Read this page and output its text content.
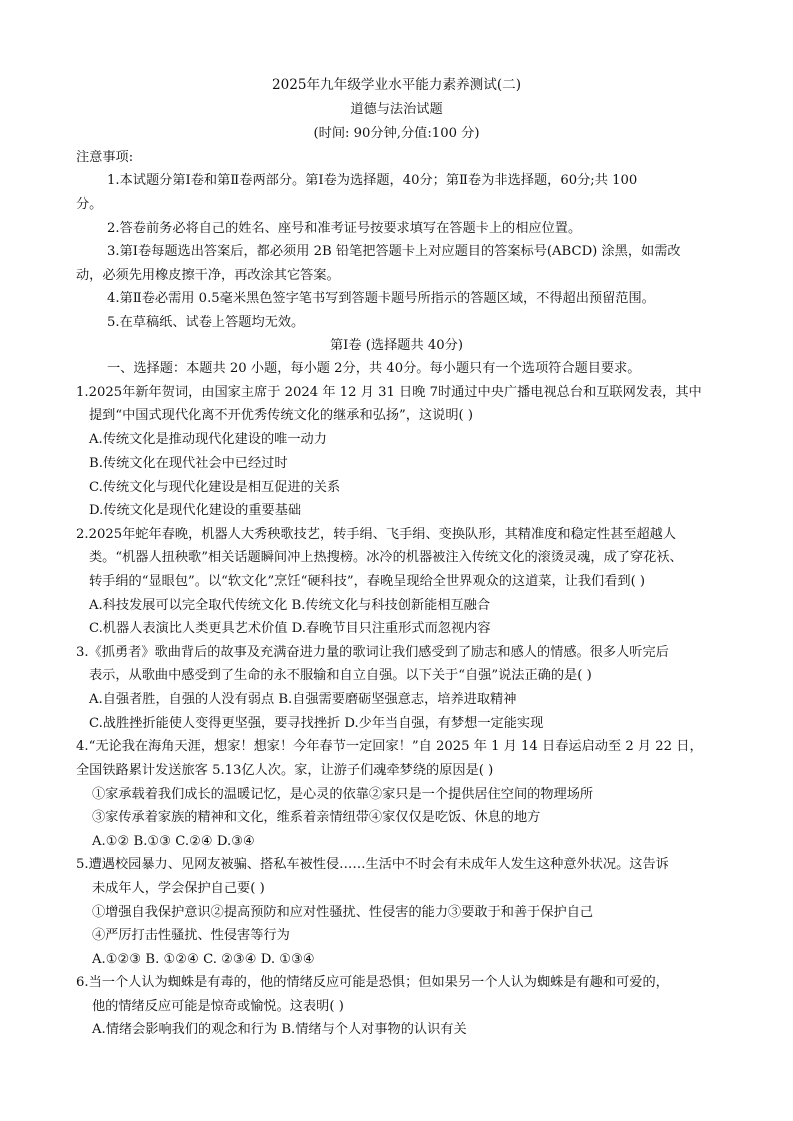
2025年九年级学业水平能力素养测试(二)
道德与法治试题
(时间: 90分钟,分值:100 分)
注意事项:
1.本试题分第Ⅰ卷和第Ⅱ卷两部分。第Ⅰ卷为选择题，40分；第Ⅱ卷为非选择题，60分;共 100
分。
2.答卷前务必将自己的姓名、座号和准考证号按要求填写在答题卡上的相应位置。
3.第Ⅰ卷每题选出答案后，都必须用 2B 铅笔把答题卡上对应题目的答案标号(ABCD) 涂黑，如需改
动，必须先用橡皮擦干净，再改涂其它答案。
4.第Ⅱ卷必需用 0.5毫米黑色签字笔书写到答题卡题号所指示的答题区域，不得超出预留范围。
5.在草稿纸、试卷上答题均无效。
第Ⅰ卷 (选择题共 40分)
一、选择题：本题共 20 小题，每小题 2分，共 40分。每小题只有一个选项符合题目要求。
1.2025年新年贺词，由国家主席于 2024 年 12 月 31 日晚 7时通过中央广播电视总台和互联网发表，其中
提到“中国式现代化离不开优秀传统文化的继承和弘扬”，这说明( )
A.传统文化是推动现代化建设的唯一动力
B.传统文化在现代社会中已经过时
C.传统文化与现代化建设是相互促进的关系
D.传统文化是现代化建设的重要基础
2.2025年蛇年春晚，机器人大秀秧歌技艺，转手绢、飞手绢、变换队形，其精准度和稳定性甚至超越人
类。“机器人扭秧歌”相关话题瞬间冲上热搜榜。冰冷的机器被注入传统文化的滚烫灵魂，成了穿花袄、
转手绢的“显眼包”。以“软文化”烹饪“硬科技”，春晚呈现给全世界观众的这道菜，让我们看到( )
A.科技发展可以完全取代传统文化 B.传统文化与科技创新能相互融合
C.机器人表演比人类更具艺术价值 D.春晚节目只注重形式而忽视内容
3.《抓勇者》歌曲背后的故事及充满奋进力量的歌词让我们感受到了励志和感人的情感。很多人听完后
表示，从歌曲中感受到了生命的永不服输和自立自强。以下关于“自强”说法正确的是( )
A.自强者胜，自强的人没有弱点 B.自强需要磨砺坚强意志，培养进取精神
C.战胜挫折能使人变得更坚强，要寻找挫折 D.少年当自强，有梦想一定能实现
4.“无论我在海角天涯，想家！想家！今年春节一定回家！”自 2025 年 1 月 14 日春运启动至 2 月 22 日，
全国铁路累计发送旅客 5.13亿人次。家，让游子们魂牵梦绕的原因是( )
①家承载着我们成长的温暖记忆，是心灵的依靠②家只是一个提供居住空间的物理场所
③家传承着家族的精神和文化，维系着亲情纽带④家仅仅是吃饭、休息的地方
A.①② B.①③ C.②④ D.③④
5.遭遇校园暴力、见网友被骗、搭私车被性侵……生活中不时会有未成年人发生这种意外状况。这告诉
未成年人，学会保护自己要( )
①增强自我保护意识②提高预防和应对性骚扰、性侵害的能力③要敢于和善于保护自己
④严厉打击性骚扰、性侵害等行为
A.①②③ B. ①②④ C. ②③④ D. ①③④
6.当一个人认为蜘蛛是有毒的，他的情绪反应可能是恐惧；但如果另一个人认为蜘蛛是有趣和可爱的，
他的情绪反应可能是惊奇或愉悦。这表明( )
A.情绪会影响我们的观念和行为 B.情绪与个人对事物的认识有关
